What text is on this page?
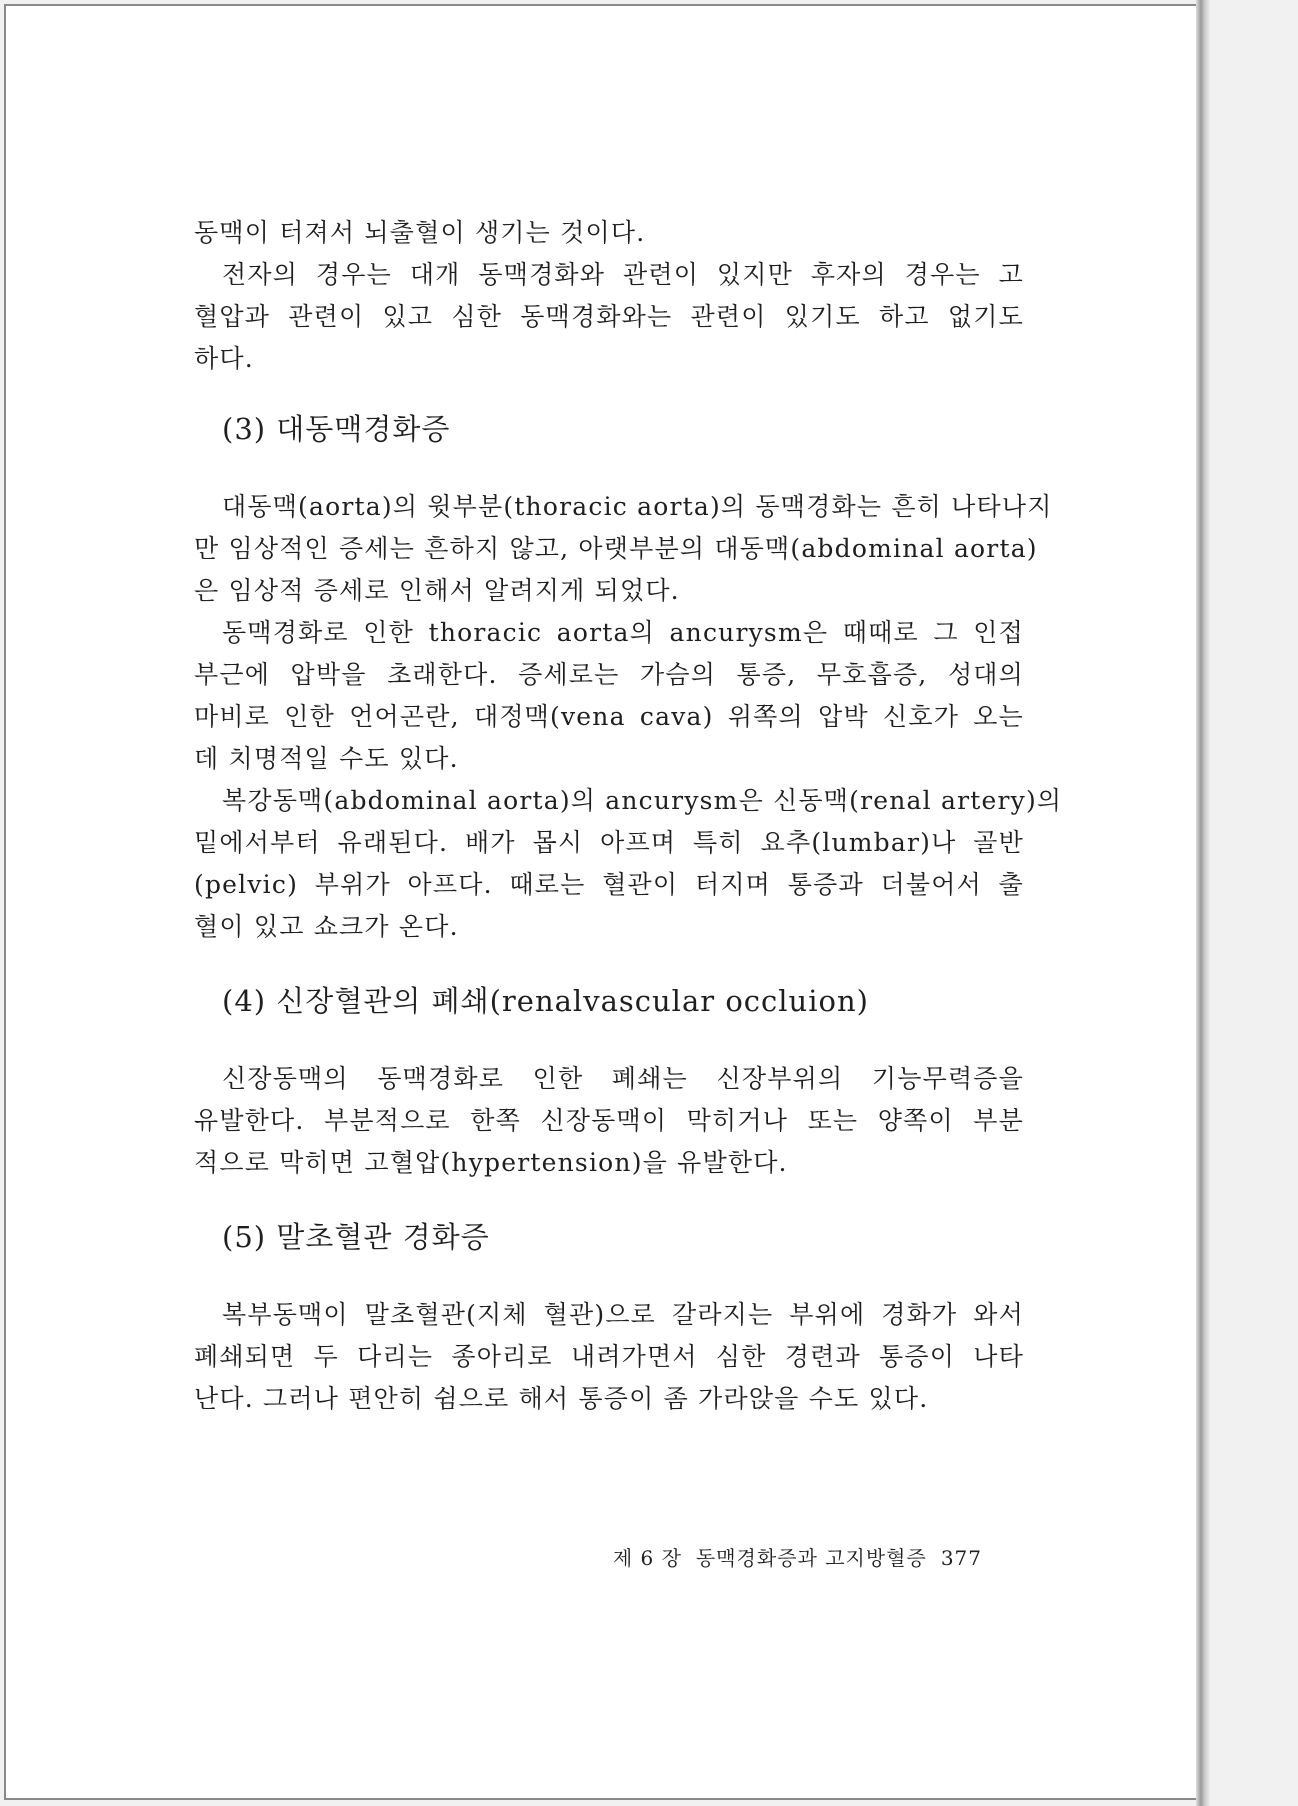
동맥이 터져서 뇌출혈이 생기는 것이다.
전자의 경우는 대개 동맥경화와 관련이 있지만 후자의 경우는 고
혈압과 관련이 있고 심한 동맥경화와는 관련이 있기도 하고 없기도
하다.
(3) 대동맥경화증
대동맥(aorta)의 윗부분(thoracic aorta)의 동맥경화는 흔히 나타나지
만 임상적인 증세는 흔하지 않고, 아랫부분의 대동맥(abdominal aorta)
은 임상적 증세로 인해서 알려지게 되었다.
동맥경화로 인한 thoracic aorta의 ancurysm은 때때로 그 인접
부근에 압박을 초래한다. 증세로는 가슴의 통증, 무호흡증, 성대의
마비로 인한 언어곤란, 대정맥(vena cava) 위쪽의 압박 신호가 오는
데 치명적일 수도 있다.
복강동맥(abdominal aorta)의 ancurysm은 신동맥(renal artery)의
밑에서부터 유래된다. 배가 몹시 아프며 특히 요추(lumbar)나 골반
(pelvic) 부위가 아프다. 때로는 혈관이 터지며 통증과 더불어서 출
혈이 있고 쇼크가 온다.
(4) 신장혈관의 폐쇄(renalvascular occluion)
신장동맥의 동맥경화로 인한 폐쇄는 신장부위의 기능무력증을
유발한다. 부분적으로 한쪽 신장동맥이 막히거나 또는 양쪽이 부분
적으로 막히면 고혈압(hypertension)을 유발한다.
(5) 말초혈관 경화증
복부동맥이 말초혈관(지체 혈관)으로 갈라지는 부위에 경화가 와서
폐쇄되면 두 다리는 종아리로 내려가면서 심한 경련과 통증이 나타
난다. 그러나 편안히 쉼으로 해서 통증이 좀 가라앉을 수도 있다.
제 6 장 동맥경화증과 고지방혈증 377
